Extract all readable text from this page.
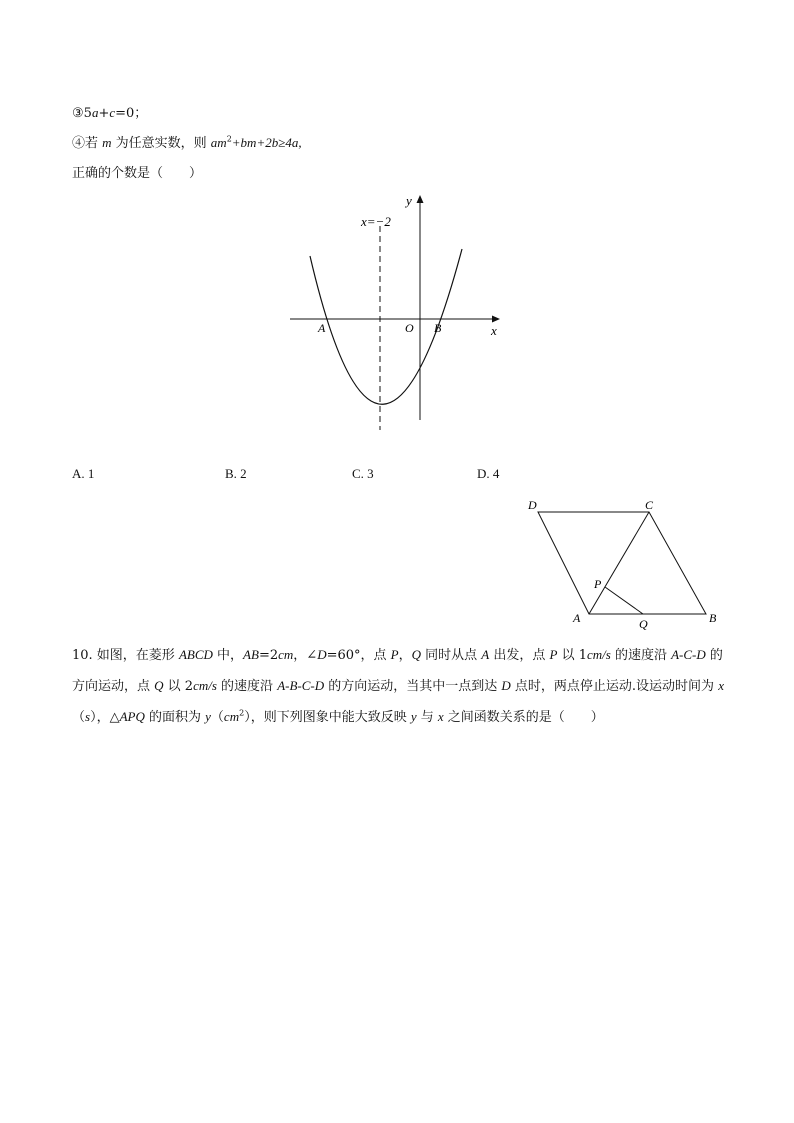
③5a+c=0；
④若 m 为任意实数，则 $am^2+bm+2b\ge 4a$,
正确的个数是（　　）
x=−2
y
x
A	O B
A. 1	B. 2	C. 3	D. 4
D	C
A	B
P
Q
10. 如图，在菱形 ABCD 中，AB=2cm，∠D=60°，点 P，Q 同时从点 A 出发，点 P 以 1cm/s 的速度沿 A-C-D 的方向运动，点 Q 以 2cm/s 的速度沿 A-B-C-D 的方向运动，当其中一点到达 D 点时，两点停止运动.设运动时间为 x（s），△APQ 的面积为 $y(cm^2)$，则下列图象中能大致反映 y 与 x 之间函数关系的是（　　）
